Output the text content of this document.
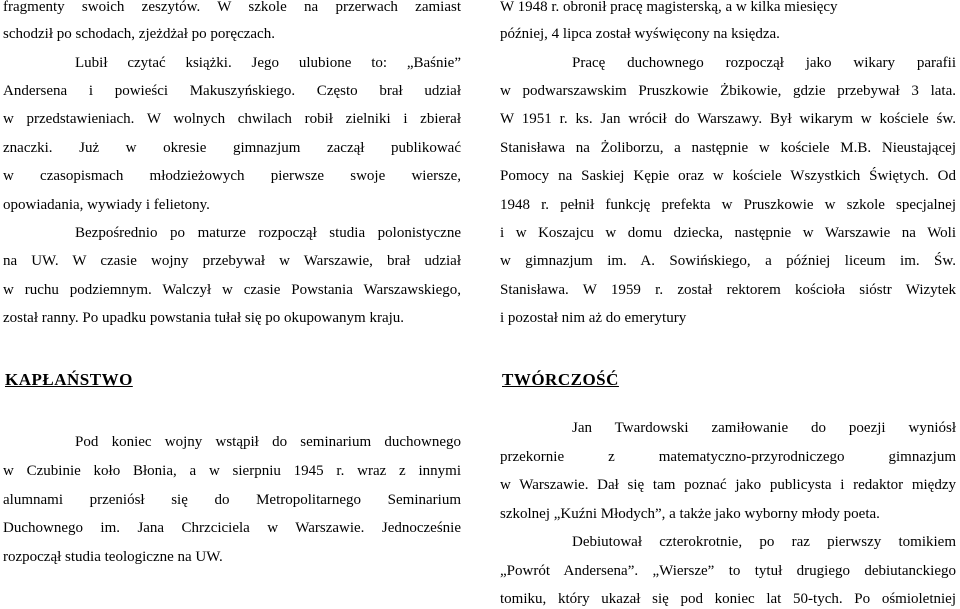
fragmenty swoich zeszytów. W szkole na przerwach zamiast
schodził po schodach, zjeżdżał po poręczach.
Lubił czytać książki. Jego ulubione to: „Baśnie”
Andersena i powieści Makuszyńskiego. Często brał udział
w przedstawieniach. W wolnych chwilach robił zielniki i zbierał
znaczki. Już w okresie gimnazjum zaczął publikować
w czasopismach młodzieżowych pierwsze swoje wiersze,
opowiadania, wywiady i felietony.
Bezpośrednio po maturze rozpoczął studia polonistyczne
na UW. W czasie wojny przebywał w Warszawie, brał udział
w ruchu podziemnym. Walczył w czasie Powstania Warszawskiego,
został ranny. Po upadku powstania tułał się po okupowanym kraju.
KAPŁAŃSTWO
Pod koniec wojny wstąpił do seminarium duchownego
w Czubinie koło Błonia, a w sierpniu 1945 r. wraz z innymi
alumnami przeniósł się do Metropolitarnego Seminarium
Duchownego im. Jana Chrzciciela w Warszawie. Jednocześnie
rozpoczął studia teologiczne na UW.
W 1948 r. obronił pracę magisterską, a w kilka miesięcy
później, 4 lipca został wyświęcony na księdza.
Pracę duchownego rozpoczął jako wikary parafii
w podwarszawskim Pruszkowie Żbikowie, gdzie przebywał 3 lata.
W 1951 r. ks. Jan wrócił do Warszawy. Był wikarym w kościele św.
Stanisława na Żoliborzu, a następnie w kościele M.B. Nieustającej
Pomocy na Saskiej Kępie oraz w kościele Wszystkich Świętych. Od
1948 r. pełnił funkcję prefekta w Pruszkowie w szkole specjalnej
i w Koszajcu w domu dziecka, następnie w Warszawie na Woli
w gimnazjum im. A. Sowińskiego, a później liceum im. Św.
Stanisława. W 1959 r. został rektorem kościoła sióstr Wizytek
i pozostał nim aż do emerytury
TWÓRCZOŚĆ
Jan Twardowski zamiłowanie do poezji wyniósł
przekornie z matematyczno-przyrodniczego gimnazjum
w Warszawie. Dał się tam poznać jako publicysta i redaktor między
szkolnej „Kuźni Młodych”, a także jako wyborny młody poeta.
Debiutował czterokrotnie, po raz pierwszy tomikiem
„Powrót Andersena”. „Wiersze” to tytuł drugiego debiutanckiego
tomiku, który ukazał się pod koniec lat 50-tych. Po ośmioletniej
